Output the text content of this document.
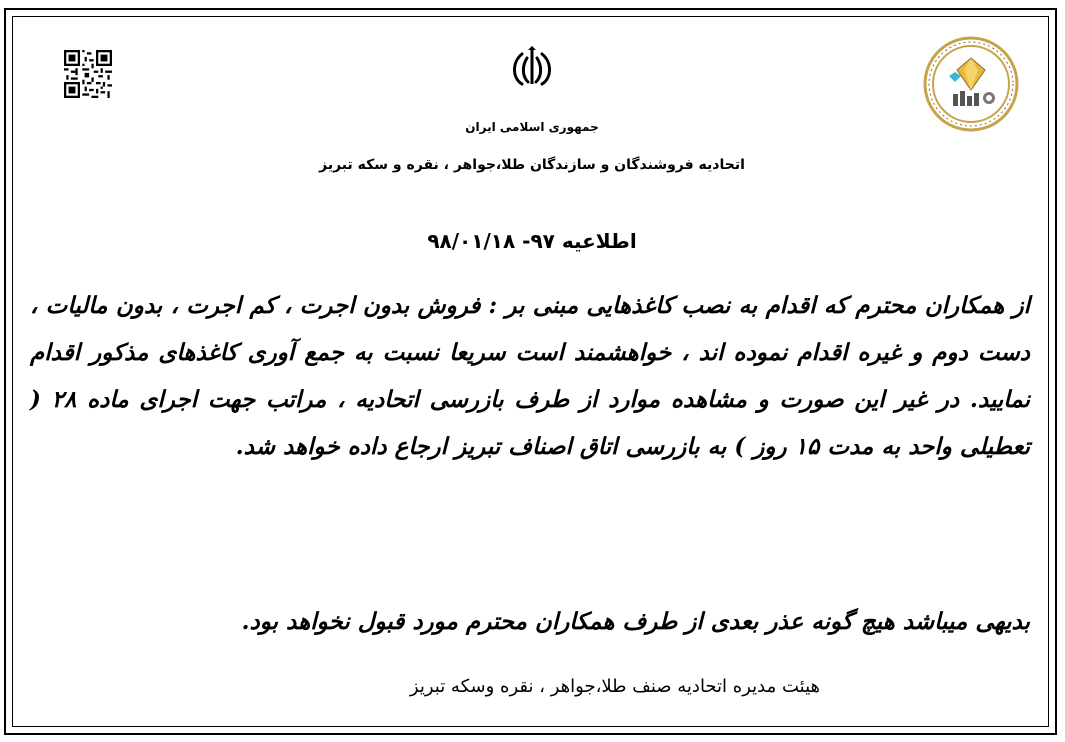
جمهوری اسلامی ایران
اتحادیه فروشندگان و سازندگان طلا،جواهر ، نقره و سکه تبریز
اطلاعیه ۹۷- ۹۸/۰۱/۱۸
از همکاران محترم که اقدام به نصب کاغذهایی مبنی بر : فروش بدون اجرت ، کم اجرت ، بدون مالیات ، دست دوم و غیره اقدام نموده اند ، خواهشمند است سریعا نسبت به جمع آوری کاغذهای مذکور اقدام نمایید. در غیر این صورت و مشاهده موارد از طرف بازرسی اتحادیه ، مراتب جهت اجرای ماده ۲۸ ( تعطیلی واحد به مدت ۱۵ روز ) به بازرسی اتاق اصناف تبریز ارجاع داده خواهد شد.
بدیهی میباشد هیچ گونه عذر بعدی از طرف همکاران محترم مورد قبول نخواهد بود.
هیئت مدیره اتحادیه صنف طلا،جواهر ، نقره وسکه تبریز
